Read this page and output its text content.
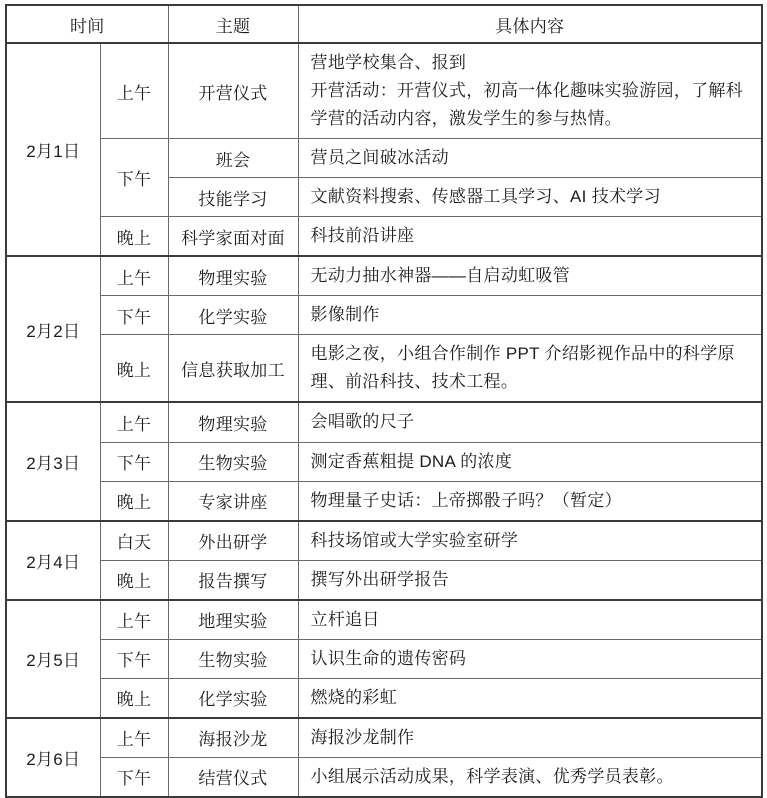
时间		主题	具体内容
2月1日	上午	开营仪式	营地学校集合、报到
开营活动：开营仪式，初高一体化趣味实验游园，了解科学营的活动内容，激发学生的参与热情。

	下午	班会	营员之间破冰活动

		技能学习	文献资料搜索、传感器工具学习、AI 技术学习

	晚上	科学家面对面	科技前沿讲座

2月2日	上午	物理实验	无动力抽水神器——自启动虹吸管

	下午	化学实验	影像制作

	晚上	信息获取加工	电影之夜，小组合作制作 PPT 介绍影视作品中的科学原理、前沿科技、技术工程。

2月3日	上午	物理实验	会唱歌的尺子

	下午	生物实验	测定香蕉粗提 DNA 的浓度

	晚上	专家讲座	物理量子史话：上帝掷骰子吗？（暂定）

2月4日	白天	外出研学	科技场馆或大学实验室研学

	晚上	报告撰写	撰写外出研学报告

2月5日	上午	地理实验	立杆追日

	下午	生物实验	认识生命的遗传密码

	晚上	化学实验	燃烧的彩虹

2月6日	上午	海报沙龙	海报沙龙制作

	下午	结营仪式	小组展示活动成果，科学表演、优秀学员表彰。
